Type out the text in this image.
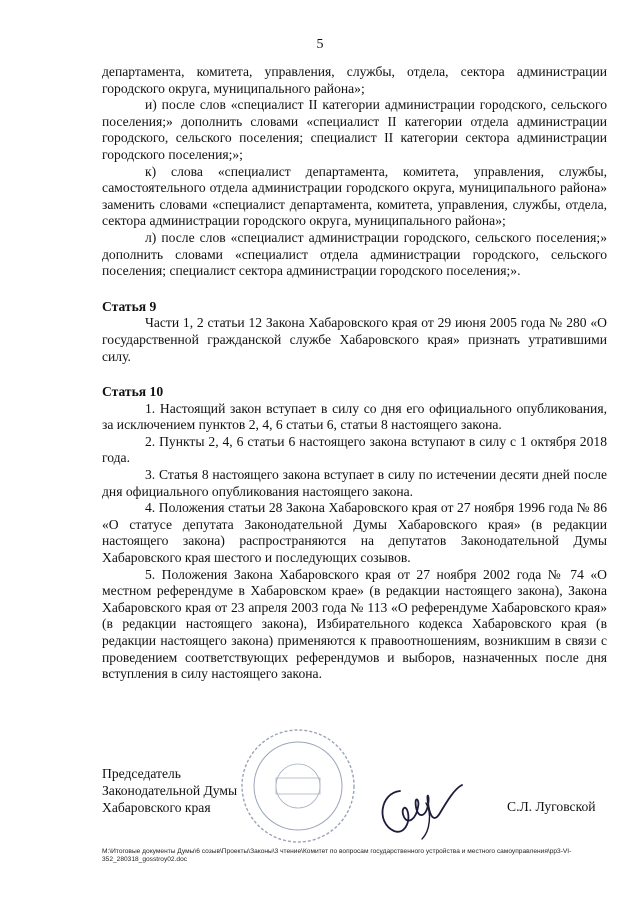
5

департамента, комитета, управления, службы, отдела, сектора администрации городского округа, муниципального района»;

и) после слов «специалист II категории администрации городского, сельского поселения;» дополнить словами «специалист II категории отдела администрации городского, сельского поселения; специалист II категории сектора администрации городского поселения;»;

к) слова «специалист департамента, комитета, управления, службы, самостоятельного отдела администрации городского округа, муниципального района» заменить словами «специалист департамента, комитета, управления, службы, отдела, сектора администрации городского округа, муниципального района»;

л) после слов «специалист администрации городского, сельского поселения;» дополнить словами «специалист отдела администрации городского, сельского поселения; специалист сектора администрации городского поселения;».

Статья 9

Части 1, 2 статьи 12 Закона Хабаровского края от 29 июня 2005 года № 280 «О государственной гражданской службе Хабаровского края» признать утратившими силу.

Статья 10

1. Настоящий закон вступает в силу со дня его официального опубликования, за исключением пунктов 2, 4, 6 статьи 6, статьи 8 настоящего закона.

2. Пункты 2, 4, 6 статьи 6 настоящего закона вступают в силу с 1 октября 2018 года.

3. Статья 8 настоящего закона вступает в силу по истечении десяти дней после дня официального опубликования настоящего закона.

4. Положения статьи 28 Закона Хабаровского края от 27 ноября 1996 года № 86 «О статусе депутата Законодательной Думы Хабаровского края» (в редакции настоящего закона) распространяются на депутатов Законодательной Думы Хабаровского края шестого и последующих созывов.

5. Положения Закона Хабаровского края от 27 ноября 2002 года № 74 «О местном референдуме в Хабаровском крае» (в редакции настоящего закона), Закона Хабаровского края от 23 апреля 2003 года № 113 «О референдуме Хабаровского края» (в редакции настоящего закона), Избирательного кодекса Хабаровского края (в редакции настоящего закона) применяются к правоотношениям, возникшим в связи с проведением соответствующих референдумов и выборов, назначенных после дня вступления в силу настоящего закона.

Председатель
Законодательной Думы
Хабаровского края	С.Л. Луговской
М:\Итоговые документы Думы\6 созыв\Проекты\Законы\3 чтение\Комитет по вопросам государственного устройства и местного самоуправления\pp3-VI-352_280318_gosstroy02.doc
